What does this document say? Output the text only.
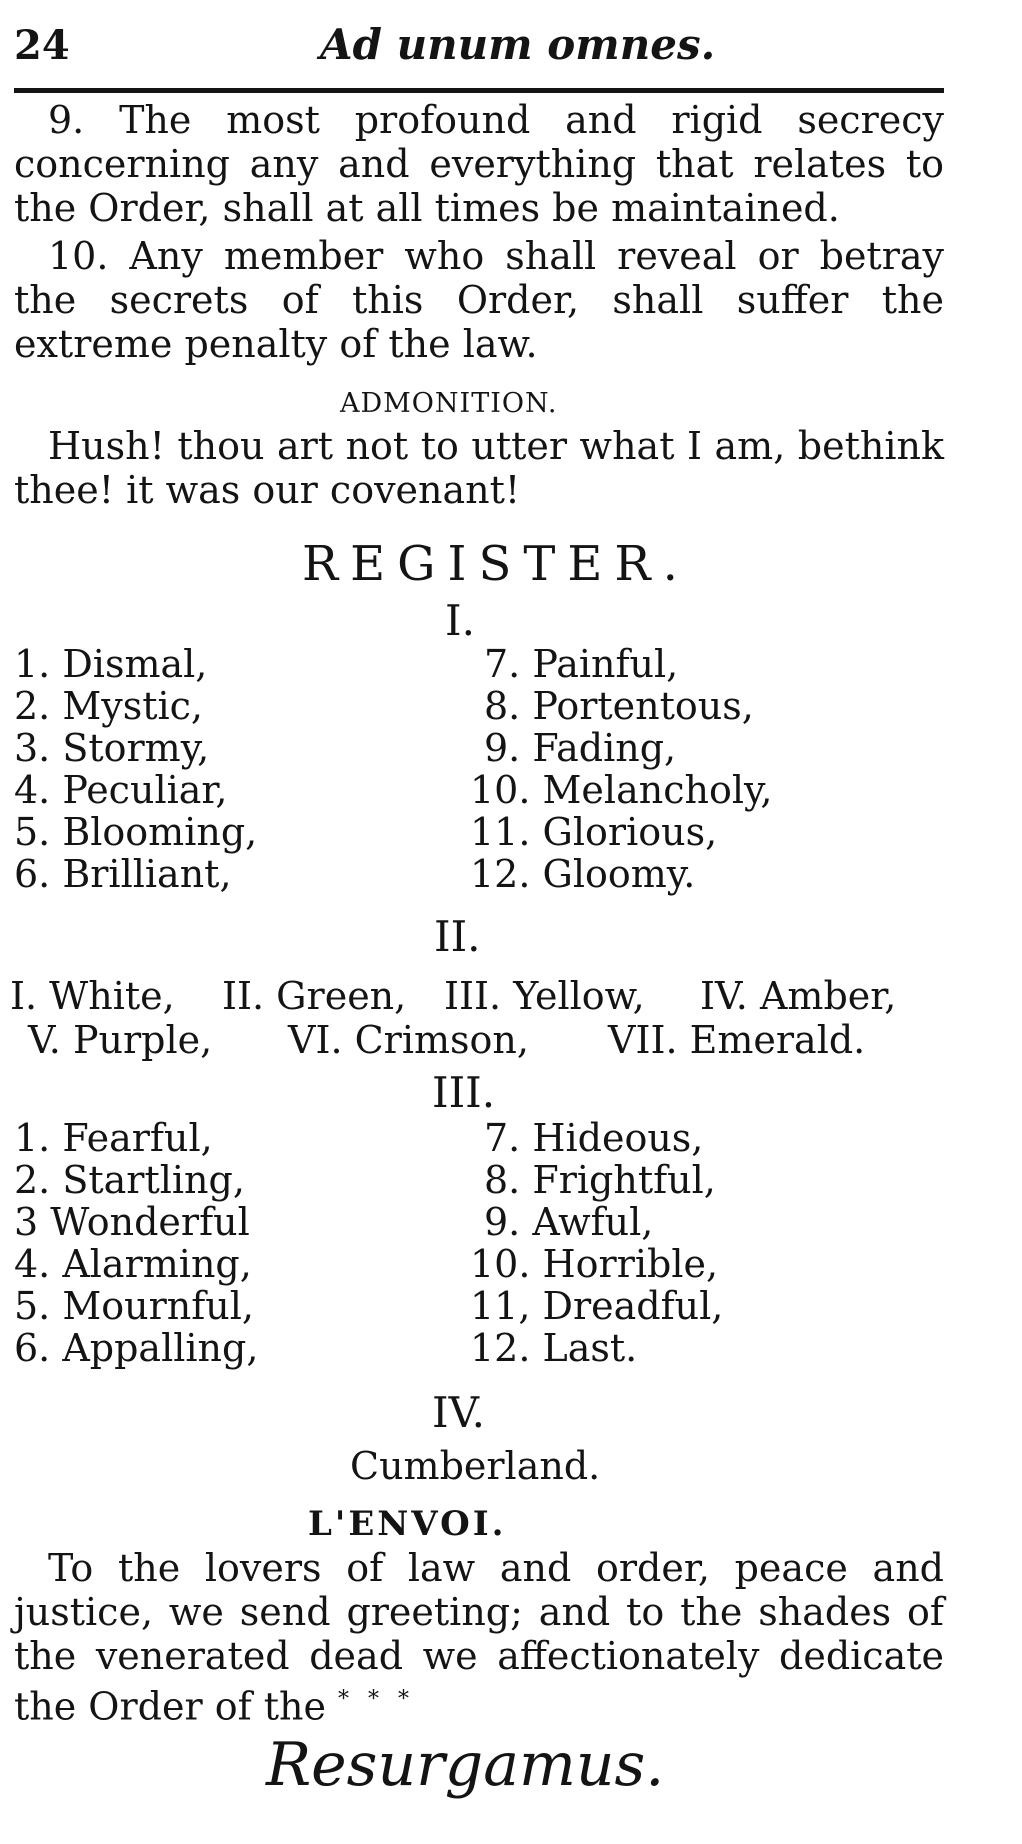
24	Ad unum omnes.

9. The most profound and rigid secrecy concerning any and everything that relates to the Order, shall at all times be maintained.

10. Any member who shall reveal or betray the secrets of this Order, shall suffer the extreme penalty of the law.

ADMONITION.

Hush! thou art not to utter what I am, bethink thee! it was our covenant!

REGISTER.
I.
1. Dismal,
2. Mystic,
3. Stormy,
4. Peculiar,
5. Blooming,
6. Brilliant,
7. Painful,
8. Portentous,
9. Fading,
10. Melancholy,
11. Glorious,
12. Gloomy.
II.
I. White, II. Green, III. Yellow, IV. Amber,
V. Purple, VI. Crimson, VII. Emerald.
III.
1. Fearful,
2. Startling,
3 Wonderful
4. Alarming,
5. Mournful,
6. Appalling,
7. Hideous,
8. Frightful,
9. Awful,
10. Horrible,
11, Dreadful,
12. Last.
IV.
Cumberland.
L'ENVOI.

To the lovers of law and order, peace and justice, we send greeting; and to the shades of the venerated dead we affectionately dedicate the Order of the * * *

Resurgamus.
